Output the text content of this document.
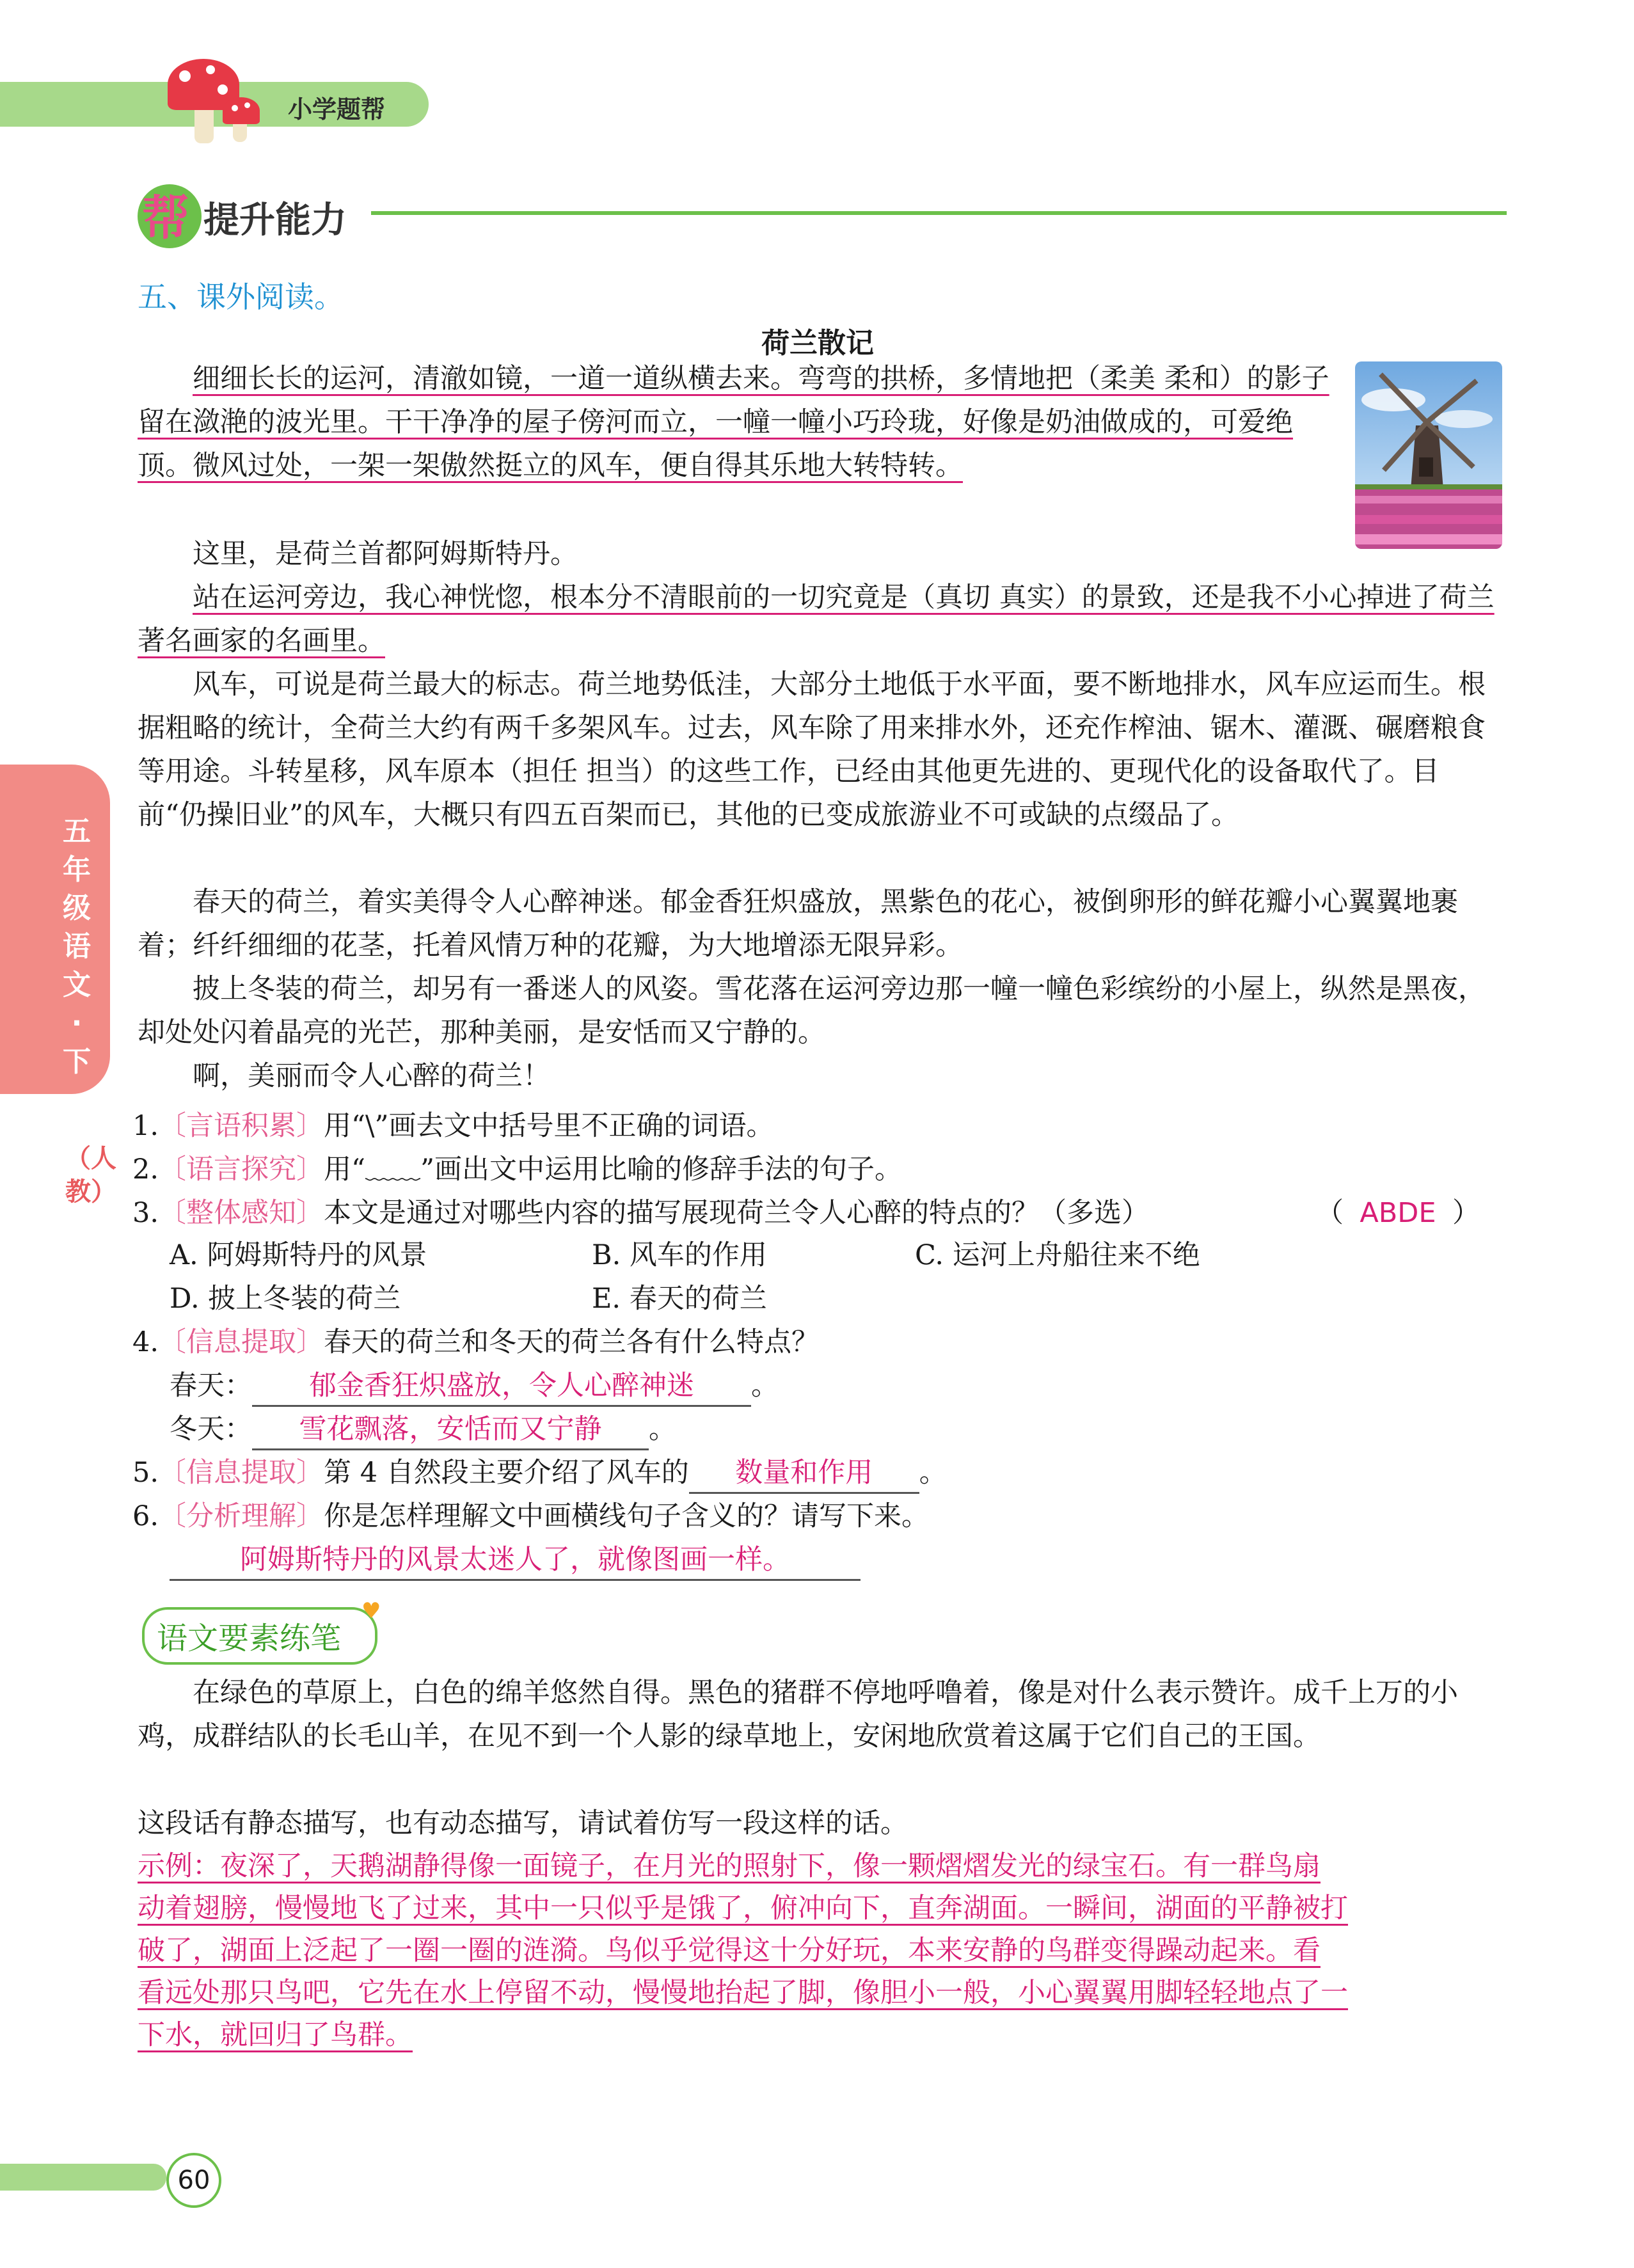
小学题帮
帮 提升能力
五、课外阅读。
荷兰散记

细细长长的运河，清澈如镜，一道一道纵横去来。弯弯的拱桥，多情地把（柔美 柔和）的影子留在潋滟的波光里。干干净净的屋子傍河而立，一幢一幢小巧玲珑，好像是奶油做成的，可爱绝顶。微风过处，一架一架傲然挺立的风车，便自得其乐地大转特转。

这里，是荷兰首都阿姆斯特丹。

站在运河旁边，我心神恍惚，根本分不清眼前的一切究竟是（真切 真实）的景致，还是我不小心掉进了荷兰著名画家的名画里。

风车，可说是荷兰最大的标志。荷兰地势低洼，大部分土地低于水平面，要不断地排水，风车应运而生。根据粗略的统计，全荷兰大约有两千多架风车。过去，风车除了用来排水外，还充作榨油、锯木、灌溉、碾磨粮食等用途。斗转星移，风车原本（担任 担当）的这些工作，已经由其他更先进的、更现代化的设备取代了。目前“仍操旧业”的风车，大概只有四五百架而已，其他的已变成旅游业不可或缺的点缀品了。

春天的荷兰，着实美得令人心醉神迷。郁金香狂炽盛放，黑紫色的花心，被倒卵形的鲜花瓣小心翼翼地裹着；纤纤细细的花茎，托着风情万种的花瓣，为大地增添无限异彩。

披上冬装的荷兰，却另有一番迷人的风姿。雪花落在运河旁边那一幢一幢色彩缤纷的小屋上，纵然是黑夜，却处处闪着晶亮的光芒，那种美丽，是安恬而又宁静的。

啊，美丽而令人心醉的荷兰！

五年级语文·下
（人教）
1.〔言语积累〕用“\”画去文中括号里不正确的词语。
2.〔语言探究〕用“﹏﹏”画出文中运用比喻的修辞手法的句子。
3.〔整体感知〕本文是通过对哪些内容的描写展现荷兰令人心醉的特点的？（多选）	（ ABDE ）
A. 阿姆斯特丹的风景	B. 风车的作用	C. 运河上舟船往来不绝
D. 披上冬装的荷兰	E. 春天的荷兰
4.〔信息提取〕春天的荷兰和冬天的荷兰各有什么特点？
春天： 郁金香狂炽盛放，令人心醉神迷 。
冬天： 雪花飘落，安恬而又宁静 。
5.〔信息提取〕第 4 自然段主要介绍了风车的 数量和作用 。
6.〔分析理解〕你是怎样理解文中画横线句子含义的？请写下来。
阿姆斯特丹的风景太迷人了，就像图画一样。
语文要素练笔
♥

在绿色的草原上，白色的绵羊悠然自得。黑色的猪群不停地呼噜着，像是对什么表示赞许。成千上万的小鸡，成群结队的长毛山羊，在见不到一个人影的绿草地上，安闲地欣赏着这属于它们自己的王国。

这段话有静态描写，也有动态描写，请试着仿写一段这样的话。

示例：夜深了，天鹅湖静得像一面镜子，在月光的照射下，像一颗熠熠发光的绿宝石。有一群鸟扇

动着翅膀，慢慢地飞了过来，其中一只似乎是饿了，俯冲向下，直奔湖面。一瞬间，湖面的平静被打

破了，湖面上泛起了一圈一圈的涟漪。鸟似乎觉得这十分好玩，本来安静的鸟群变得躁动起来。看

看远处那只鸟吧，它先在水上停留不动，慢慢地抬起了脚，像胆小一般，小心翼翼用脚轻轻地点了一

下水，就回归了鸟群。

60
